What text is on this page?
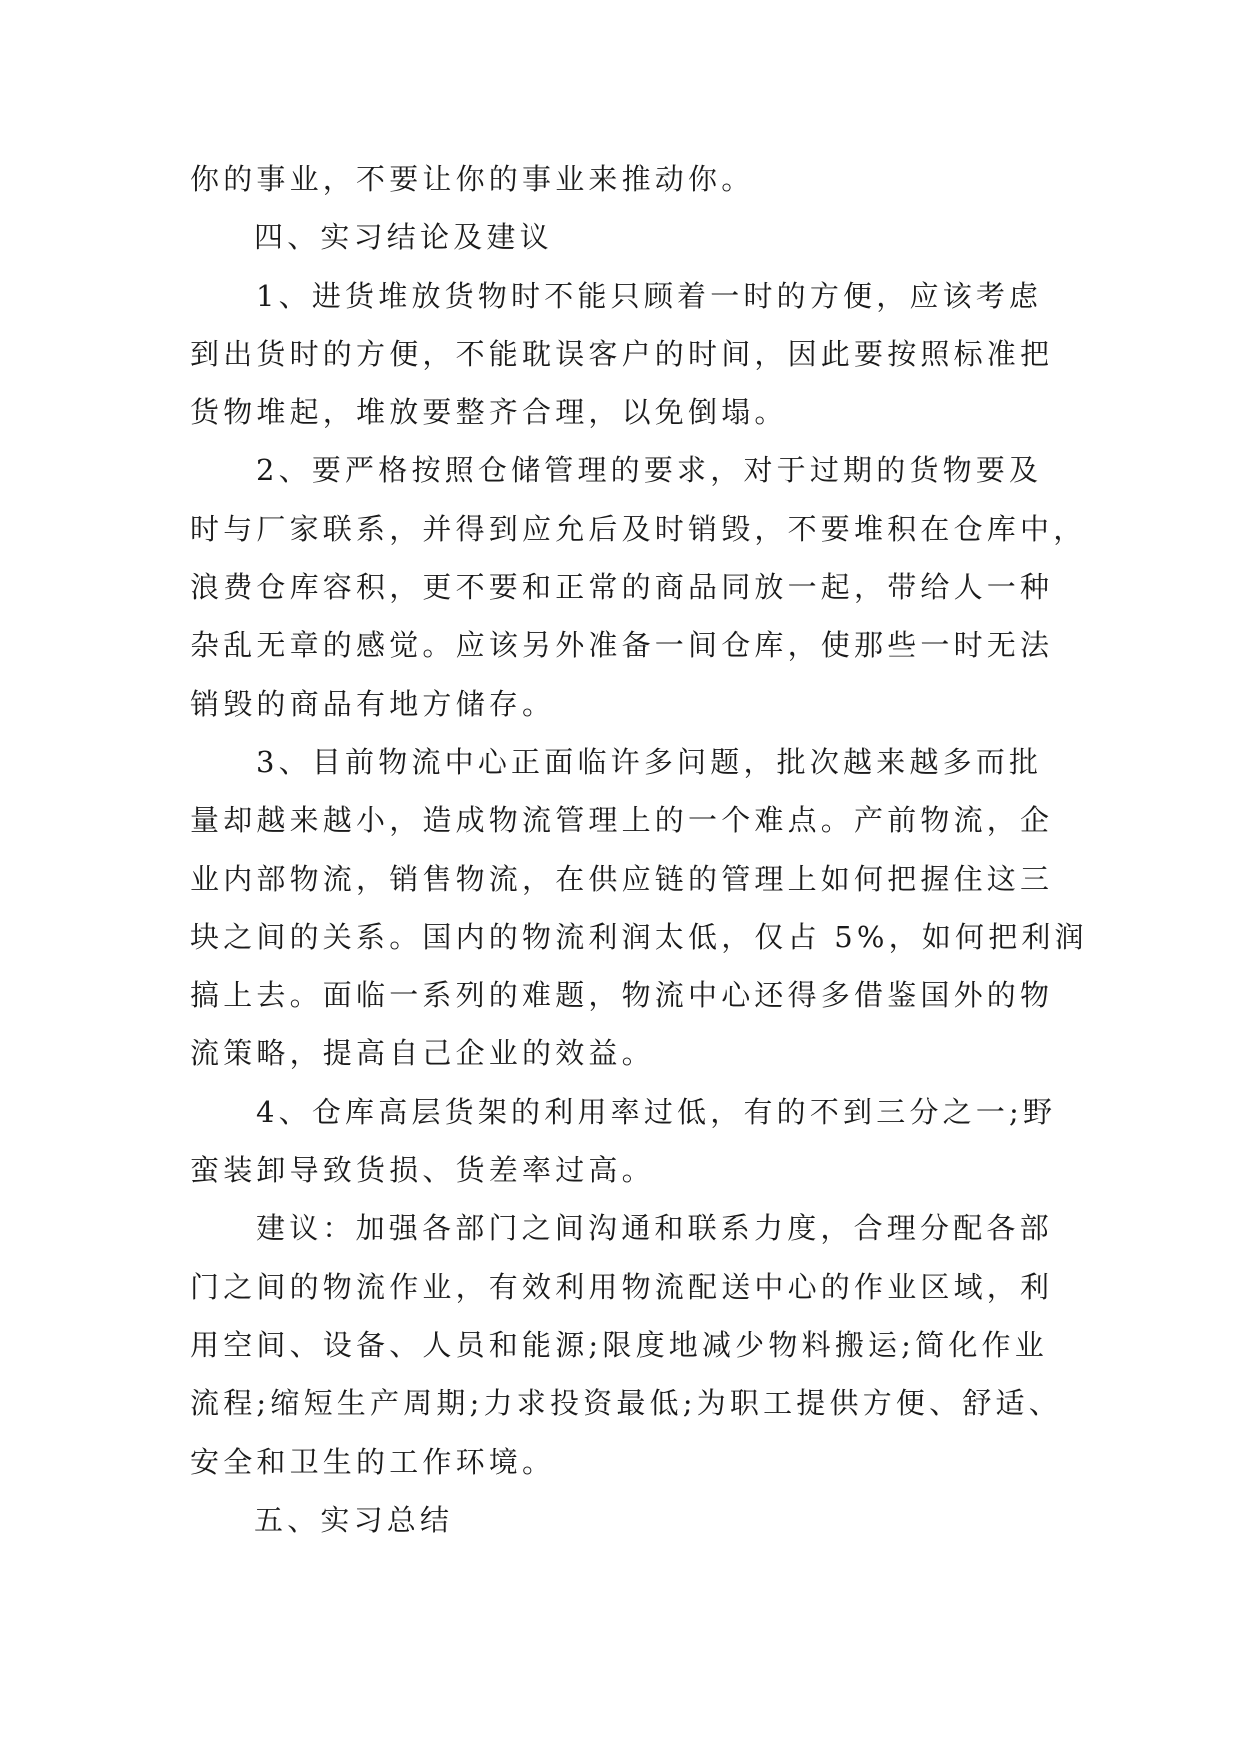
你的事业，不要让你的事业来推动你。
四、实习结论及建议
1、进货堆放货物时不能只顾着一时的方便，应该考虑
到出货时的方便，不能耽误客户的时间，因此要按照标准把
货物堆起，堆放要整齐合理，以免倒塌。
2、要严格按照仓储管理的要求，对于过期的货物要及
时与厂家联系，并得到应允后及时销毁，不要堆积在仓库中，
浪费仓库容积，更不要和正常的商品同放一起，带给人一种
杂乱无章的感觉。应该另外准备一间仓库，使那些一时无法
销毁的商品有地方储存。
3、目前物流中心正面临许多问题，批次越来越多而批
量却越来越小，造成物流管理上的一个难点。产前物流，企
业内部物流，销售物流，在供应链的管理上如何把握住这三
块之间的关系。国内的物流利润太低，仅占 5%，如何把利润
搞上去。面临一系列的难题，物流中心还得多借鉴国外的物
流策略，提高自己企业的效益。
4、仓库高层货架的利用率过低，有的不到三分之一;野
蛮装卸导致货损、货差率过高。
建议：加强各部门之间沟通和联系力度，合理分配各部
门之间的物流作业，有效利用物流配送中心的作业区域，利
用空间、设备、人员和能源;限度地减少物料搬运;简化作业
流程;缩短生产周期;力求投资最低;为职工提供方便、舒适、
安全和卫生的工作环境。
五、实习总结
